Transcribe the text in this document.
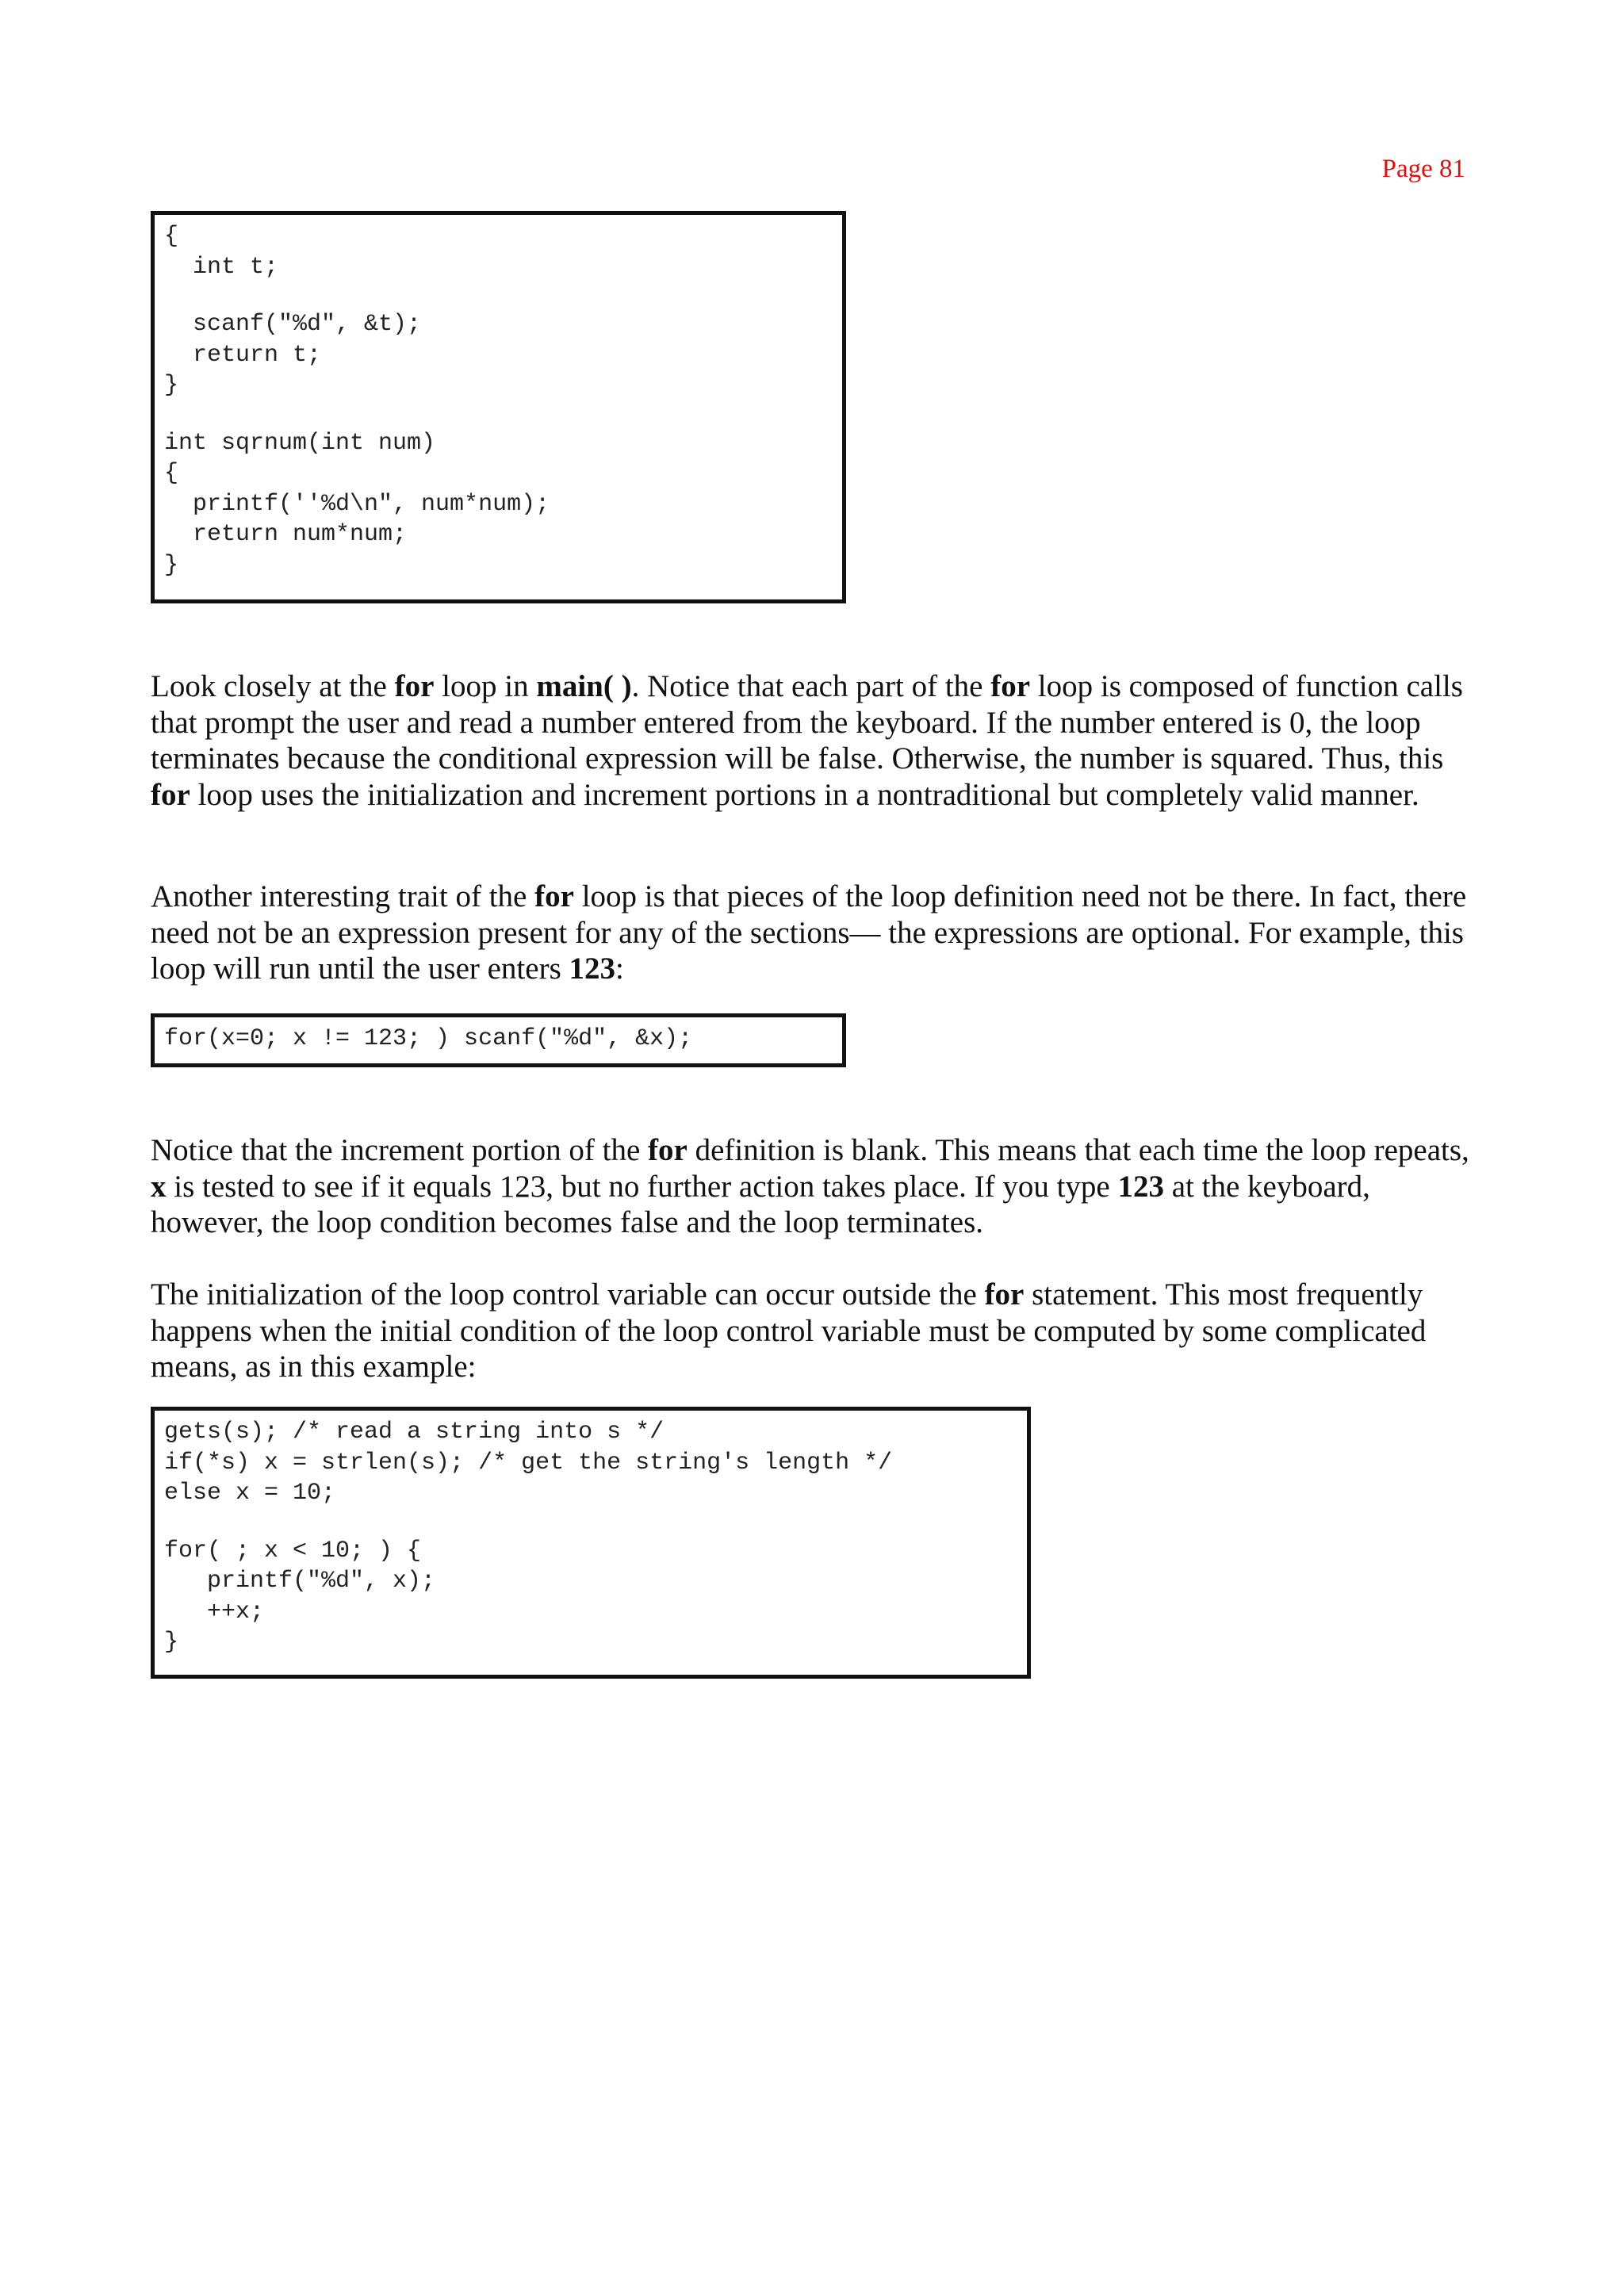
Page 81
{
int t;
scanf("%d", &t);
return t;
}
int sqrnum(int num)
{
printf(''%d\n", num*num);
return num*num;
}

Look closely at the for loop in main( ). Notice that each part of the for loop is composed of function calls that prompt the user and read a number entered from the keyboard. If the number entered is 0, the loop terminates because the conditional expression will be false. Otherwise, the number is squared. Thus, this for loop uses the initialization and increment portions in a nontraditional but completely valid manner.

Another interesting trait of the for loop is that pieces of the loop definition need not be there. In fact, there need not be an expression present for any of the sections— the expressions are optional. For example, this loop will run until the user enters 123:

for(x=0; x != 123; ) scanf("%d", &x);

Notice that the increment portion of the for definition is blank. This means that each time the loop repeats, x is tested to see if it equals 123, but no further action takes place. If you type 123 at the keyboard, however, the loop condition becomes false and the loop terminates.

The initialization of the loop control variable can occur outside the for statement. This most frequently happens when the initial condition of the loop control variable must be computed by some complicated means, as in this example:

gets(s); /* read a string into s */
if(*s) x = strlen(s); /* get the string's length */
else x = 10;
for( ; x < 10; ) {
printf("%d", x);
++x;
}
